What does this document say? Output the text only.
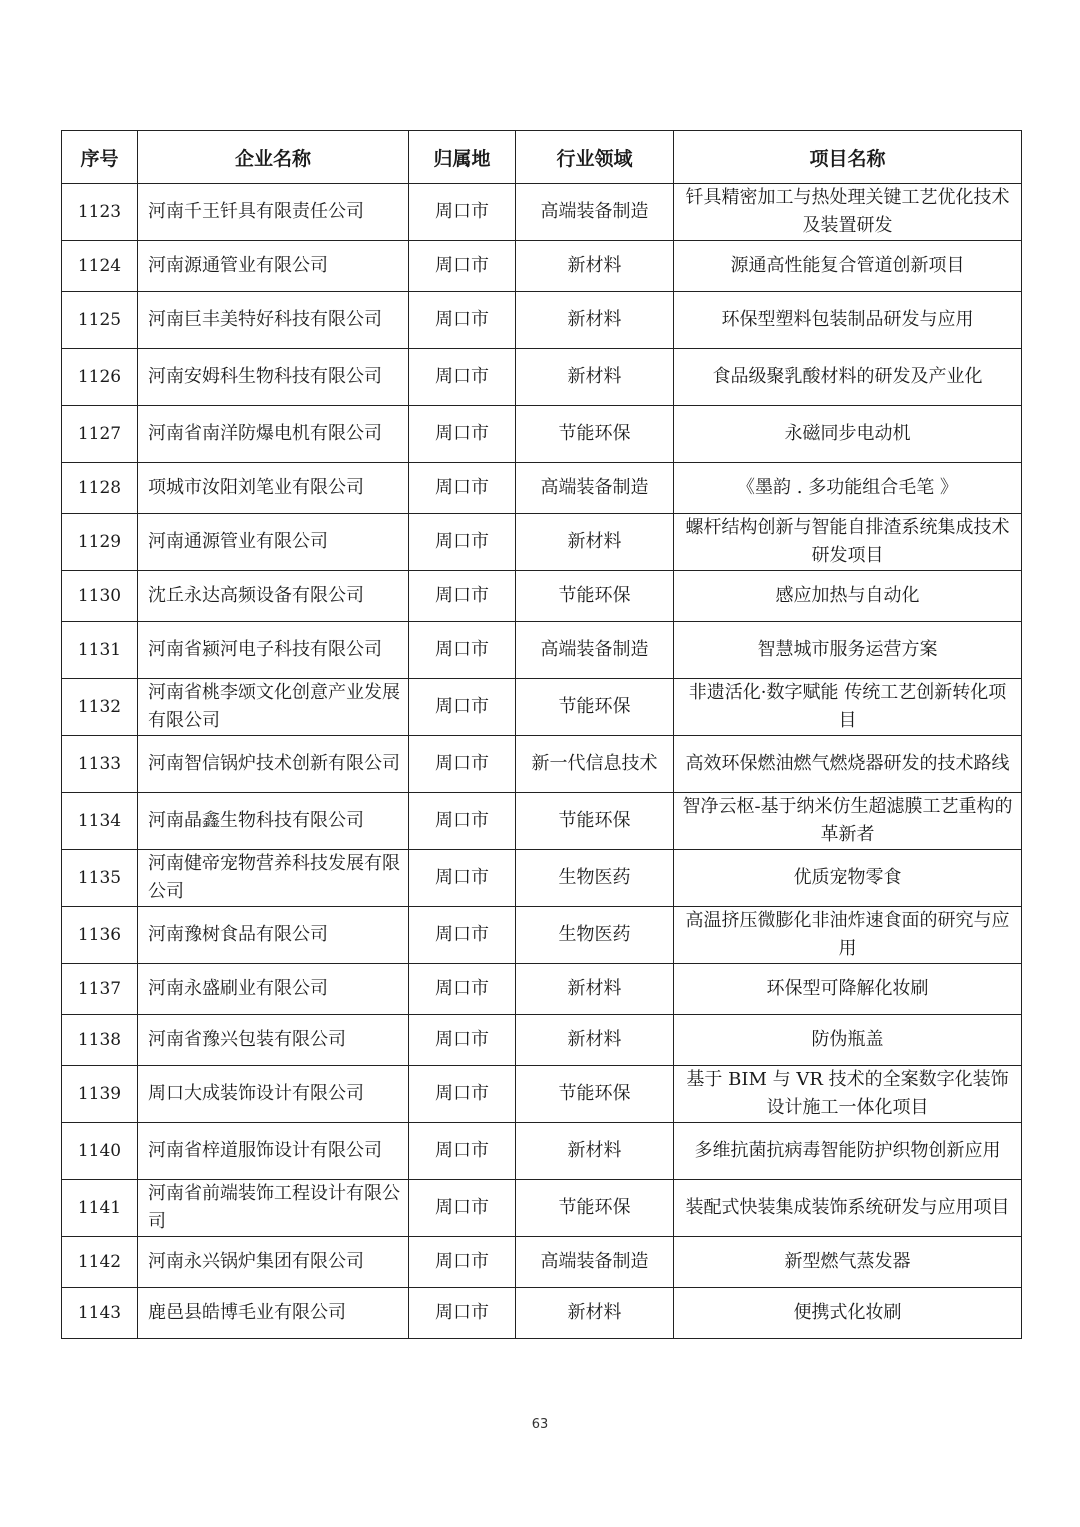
序号	企业名称	归属地	行业领域	项目名称
1123	河南千王钎具有限责任公司	周口市	高端装备制造	钎具精密加工与热处理关键工艺优化技术及装置研发
1124	河南源通管业有限公司	周口市	新材料	源通高性能复合管道创新项目
1125	河南巨丰美特好科技有限公司	周口市	新材料	环保型塑料包装制品研发与应用
1126	河南安姆科生物科技有限公司	周口市	新材料	食品级聚乳酸材料的研发及产业化
1127	河南省南洋防爆电机有限公司	周口市	节能环保	永磁同步电动机
1128	项城市汝阳刘笔业有限公司	周口市	高端装备制造	《墨韵 . 多功能组合毛笔 》
1129	河南通源管业有限公司	周口市	新材料	螺杆结构创新与智能自排渣系统集成技术研发项目
1130	沈丘永达高频设备有限公司	周口市	节能环保	感应加热与自动化
1131	河南省颍河电子科技有限公司	周口市	高端装备制造	智慧城市服务运营方案
1132	河南省桃李颂文化创意产业发展有限公司	周口市	节能环保	非遗活化·数字赋能 传统工艺创新转化项目
1133	河南智信锅炉技术创新有限公司	周口市	新一代信息技术	高效环保燃油燃气燃烧器研发的技术路线
1134	河南晶鑫生物科技有限公司	周口市	节能环保	智净云枢-基于纳米仿生超滤膜工艺重构的革新者
1135	河南健帝宠物营养科技发展有限公司	周口市	生物医药	优质宠物零食
1136	河南豫树食品有限公司	周口市	生物医药	高温挤压微膨化非油炸速食面的研究与应用
1137	河南永盛刷业有限公司	周口市	新材料	环保型可降解化妆刷
1138	河南省豫兴包装有限公司	周口市	新材料	防伪瓶盖
1139	周口大成装饰设计有限公司	周口市	节能环保	基于 BIM 与 VR 技术的全案数字化装饰设计施工一体化项目
1140	河南省梓道服饰设计有限公司	周口市	新材料	多维抗菌抗病毒智能防护织物创新应用
1141	河南省前端装饰工程设计有限公司	周口市	节能环保	装配式快装集成装饰系统研发与应用项目
1142	河南永兴锅炉集团有限公司	周口市	高端装备制造	新型燃气蒸发器
1143	鹿邑县皓博毛业有限公司	周口市	新材料	便携式化妆刷
63
